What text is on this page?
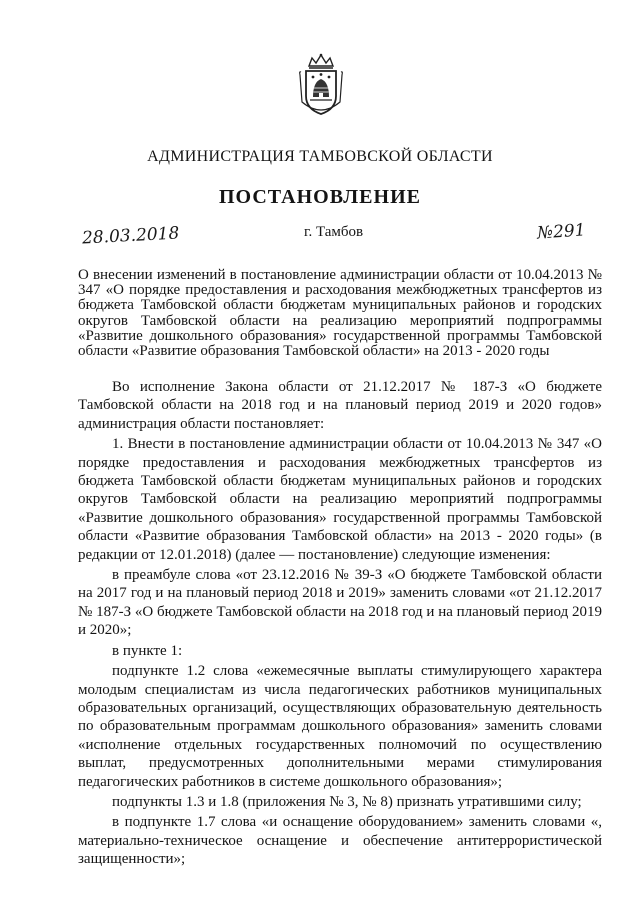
АДМИНИСТРАЦИЯ ТАМБОВСКОЙ ОБЛАСТИ
ПОСТАНОВЛЕНИЕ
28.03.2018	г. Тамбов	№291
О внесении изменений в постановление администрации области от 10.04.2013 № 347 «О порядке предоставления и расходования межбюджетных трансфертов из бюджета Тамбовской области бюджетам муниципальных районов и городских округов Тамбовской области на реализацию мероприятий подпрограммы «Развитие дошкольного образования» государственной программы Тамбовской области «Развитие образования Тамбовской области» на 2013 - 2020 годы

Во исполнение Закона области от 21.12.2017 № 187-З «О бюджете Тамбовской области на 2018 год и на плановый период 2019 и 2020 годов» администрация области постановляет:

1. Внести в постановление администрации области от 10.04.2013 № 347 «О порядке предоставления и расходования межбюджетных трансфертов из бюджета Тамбовской области бюджетам муниципальных районов и городских округов Тамбовской области на реализацию мероприятий подпрограммы «Развитие дошкольного образования» государственной программы Тамбовской области «Развитие образования Тамбовской области» на 2013 - 2020 годы» (в редакции от 12.01.2018) (далее — постановление) следующие изменения:

в преамбуле слова «от 23.12.2016 № 39-З «О бюджете Тамбовской области на 2017 год и на плановый период 2018 и 2019» заменить словами «от 21.12.2017 № 187-З «О бюджете Тамбовской области на 2018 год и на плановый период 2019 и 2020»;

в пункте 1:

подпункте 1.2 слова «ежемесячные выплаты стимулирующего характера молодым специалистам из числа педагогических работников муниципальных образовательных организаций, осуществляющих образовательную деятельность по образовательным программам дошкольного образования» заменить словами «исполнение отдельных государственных полномочий по осуществлению выплат, предусмотренных дополнительными мерами стимулирования педагогических работников в системе дошкольного образования»;

подпункты 1.3 и 1.8 (приложения № 3, № 8) признать утратившими силу;

в подпункте 1.7 слова «и оснащение оборудованием» заменить словами «, материально-техническое оснащение и обеспечение антитеррористической защищенности»;
